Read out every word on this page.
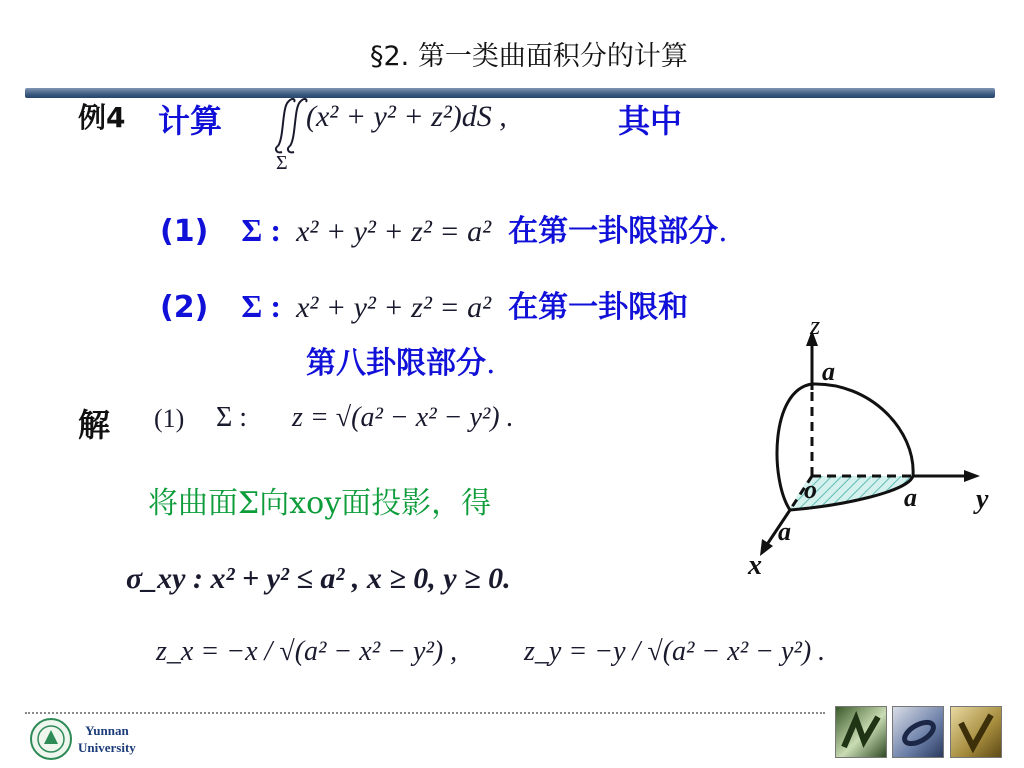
§2. 第一类曲面积分的计算
例4 计算
Σ
(x² + y² + z²)dS ,	其中
(1) Σ : x² + y² + z² = a² 在第一卦限部分.
(2) Σ : x² + y² + z² = a² 在第一卦限和
第八卦限部分.
解 (1) Σ : z = √(a² − x² − y²) .
将曲面Σ向xoy面投影，得
σ_xy : x² + y² ≤ a² , x ≥ 0, y ≥ 0.
z_x = −x / √(a² − x² − y²) , z_y = −y / √(a² − x² − y²) .
z
a
o	a y
a
x
Yunnan
University
